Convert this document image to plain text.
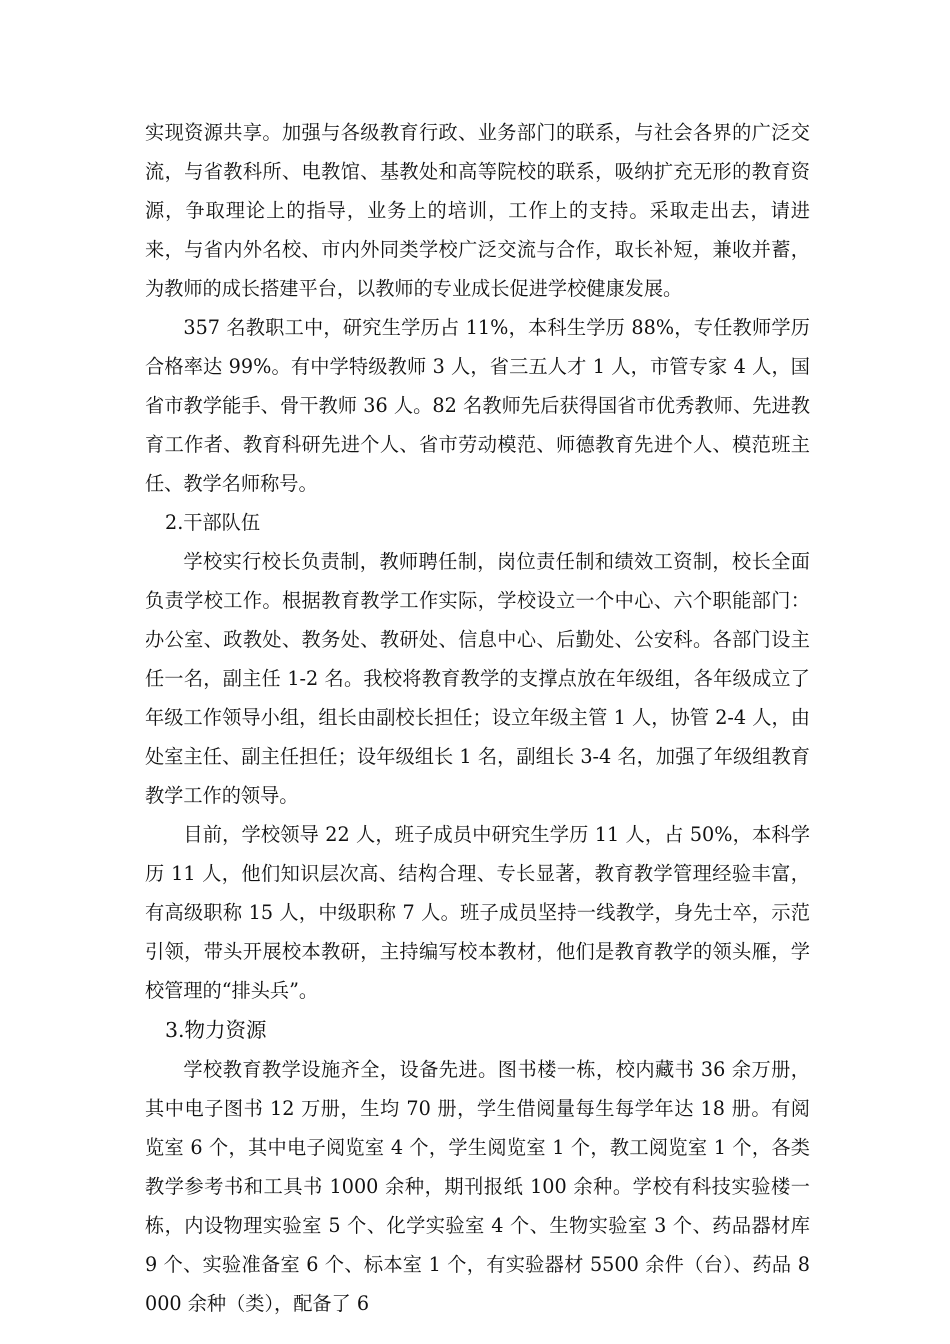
实现资源共享。加强与各级教育行政、业务部门的联系，与社会各界的广泛交流，与省教科所、电教馆、基教处和高等院校的联系，吸纳扩充无形的教育资源，争取理论上的指导，业务上的培训，工作上的支持。采取走出去，请进来，与省内外名校、市内外同类学校广泛交流与合作，取长补短，兼收并蓄，为教师的成长搭建平台，以教师的专业成长促进学校健康发展。

357 名教职工中，研究生学历占 11%，本科生学历 88%，专任教师学历合格率达 99%。有中学特级教师 3 人，省三五人才 1 人，市管专家 4 人，国省市教学能手、骨干教师 36 人。82 名教师先后获得国省市优秀教师、先进教育工作者、教育科研先进个人、省市劳动模范、师德教育先进个人、模范班主任、教学名师称号。

2.干部队伍

学校实行校长负责制，教师聘任制，岗位责任制和绩效工资制，校长全面负责学校工作。根据教育教学工作实际，学校设立一个中心、六个职能部门：办公室、政教处、教务处、教研处、信息中心、后勤处、公安科。各部门设主任一名，副主任 1-2 名。我校将教育教学的支撑点放在年级组，各年级成立了年级工作领导小组，组长由副校长担任；设立年级主管 1 人，协管 2-4 人，由处室主任、副主任担任；设年级组长 1 名，副组长 3-4 名，加强了年级组教育教学工作的领导。

目前，学校领导 22 人，班子成员中研究生学历 11 人，占 50%，本科学历 11 人，他们知识层次高、结构合理、专长显著，教育教学管理经验丰富，有高级职称 15 人，中级职称 7 人。班子成员坚持一线教学，身先士卒，示范引领，带头开展校本教研，主持编写校本教材，他们是教育教学的领头雁，学校管理的“排头兵”。

3.物力资源

学校教育教学设施齐全，设备先进。图书楼一栋，校内藏书 36 余万册，其中电子图书 12 万册，生均 70 册，学生借阅量每生每学年达 18 册。有阅览室 6 个，其中电子阅览室 4 个，学生阅览室 1 个，教工阅览室 1 个，各类教学参考书和工具书 1000 余种，期刊报纸 100 余种。学校有科技实验楼一栋，内设物理实验室 5 个、化学实验室 4 个、生物实验室 3 个、药品器材库 9 个、实验准备室 6 个、标本室 1 个，有实验器材 5500 余件（台）、药品 8000 余种（类），配备了 6
